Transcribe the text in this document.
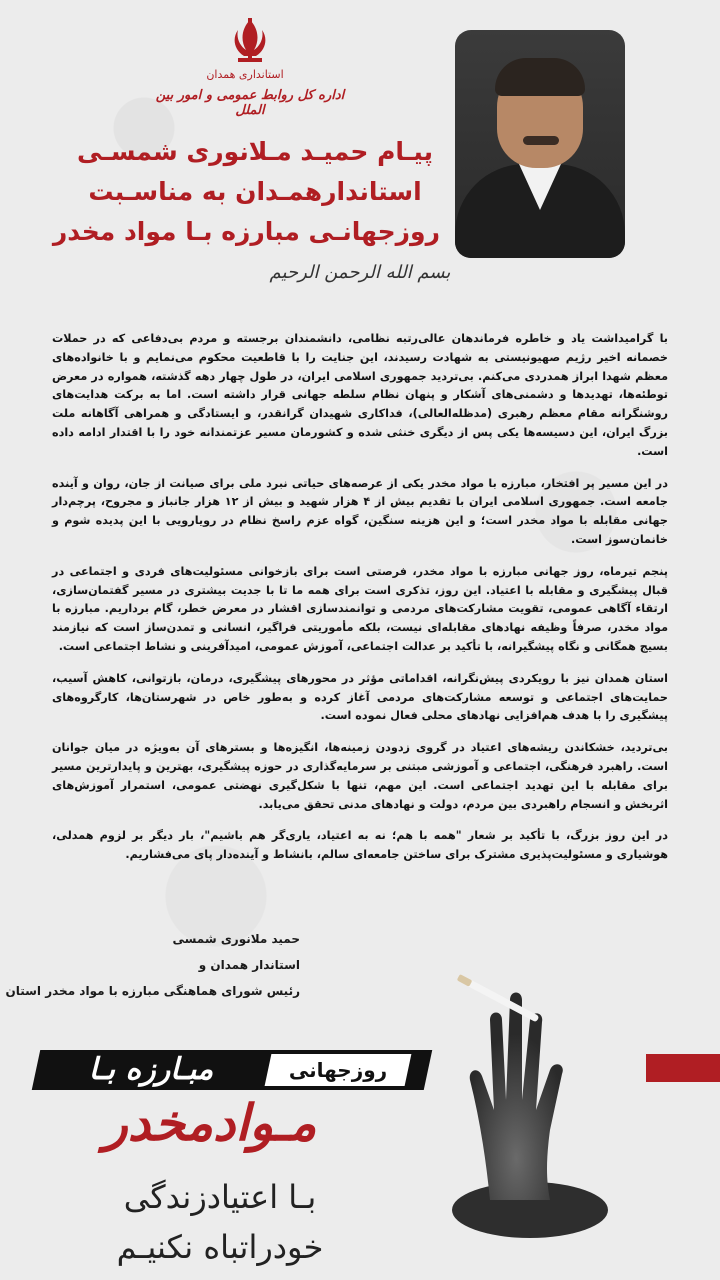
استانداری همدان
اداره کل روابط عمومی و امور بین الملل
پیـام حمیـد مـلانوری شمسـی
استاندارهمـدان به مناسـبت
روزجهانـی مبارزه بـا مواد مخدر
بسم الله الرحمن الرحیم

با گرامیداشت یاد و خاطره فرماندهان عالی‌رتبه نظامی، دانشمندان برجسته و مردم بی‌دفاعی که در حملات خصمانه اخیر رژیم صهیونیستی به شهادت رسیدند، این جنایت را با قاطعیت محکوم می‌نمایم و با خانواده‌های معظم شهدا ابراز همدردی می‌کنم. بی‌تردید جمهوری اسلامی ایران، در طول چهار دهه گذشته، همواره در معرض توطئه‌ها، تهدیدها و دشمنی‌های آشکار و پنهان نظام سلطه جهانی قرار داشته است. اما به برکت هدایت‌های روشنگرانه مقام معظم رهبری (مدظله‌العالی)، فداکاری شهیدان گرانقدر، و ایستادگی و همراهی آگاهانه ملت بزرگ ایران، این دسیسه‌ها یکی پس از دیگری خنثی شده و کشورمان مسیر عزتمندانه خود را با اقتدار ادامه داده است.

در این مسیر پر افتخار، مبارزه با مواد مخدر یکی از عرصه‌های حیاتی نبرد ملی برای صیانت از جان، روان و آینده جامعه است. جمهوری اسلامی ایران با تقدیم بیش از ۴ هزار شهید و بیش از ۱۲ هزار جانباز و مجروح، پرچم‌دار جهانی مقابله با مواد مخدر است؛ و این هزینه سنگین، گواه عزم راسخ نظام در رویارویی با این پدیده شوم و خانمان‌سوز است.

پنجم تیرماه، روز جهانی مبارزه با مواد مخدر، فرصتی است برای بازخوانی مسئولیت‌های فردی و اجتماعی در قبال پیشگیری و مقابله با اعتیاد. این روز، تذکری است برای همه ما تا با جدیت بیشتری در مسیر گفتمان‌سازی، ارتقاء آگاهی عمومی، تقویت مشارکت‌های مردمی و توانمندسازی اقشار در معرض خطر، گام برداریم. مبارزه با مواد مخدر، صرفاً وظیفه نهادهای مقابله‌ای نیست، بلکه مأموریتی فراگیر، انسانی و تمدن‌ساز است که نیازمند بسیج همگانی و نگاه پیشگیرانه، با تأکید بر عدالت اجتماعی، آموزش عمومی، امیدآفرینی و نشاط اجتماعی است.

استان همدان نیز با رویکردی پیش‌نگرانه، اقداماتی مؤثر در محورهای پیشگیری، درمان، بازتوانی، کاهش آسیب، حمایت‌های اجتماعی و توسعه مشارکت‌های مردمی آغاز کرده و به‌طور خاص در شهرستان‌ها، کارگروه‌های پیشگیری را با هدف هم‌افزایی نهادهای محلی فعال نموده است.

بی‌تردید، خشکاندن ریشه‌های اعتیاد در گروی زدودن زمینه‌ها، انگیزه‌ها و بسترهای آن به‌ویژه در میان جوانان است. راهبرد فرهنگی، اجتماعی و آموزشی مبتنی بر سرمایه‌گذاری در حوزه پیشگیری، بهترین و پایدارترین مسیر برای مقابله با این تهدید اجتماعی است. این مهم، تنها با شکل‌گیری نهضتی عمومی، استمرار آموزش‌های اثربخش و انسجام راهبردی بین مردم، دولت و نهادهای مدنی تحقق می‌یابد.

در این روز بزرگ، با تأکید بر شعار "همه با هم؛ نه به اعتیاد، یاری‌گر هم باشیم"، بار دیگر بر لزوم همدلی، هوشیاری و مسئولیت‌پذیری مشترک برای ساختن جامعه‌ای سالم، بانشاط و آینده‌دار پای می‌فشاریم.

حمید ملانوری شمسی
استاندار همدان و
رئیس شورای هماهنگی مبارزه با مواد مخدر استان
مبـارزه بـا	روزجهانی
مـوادمخدر
بـا اعتیادزندگی
خودراتباه نکنیـم
